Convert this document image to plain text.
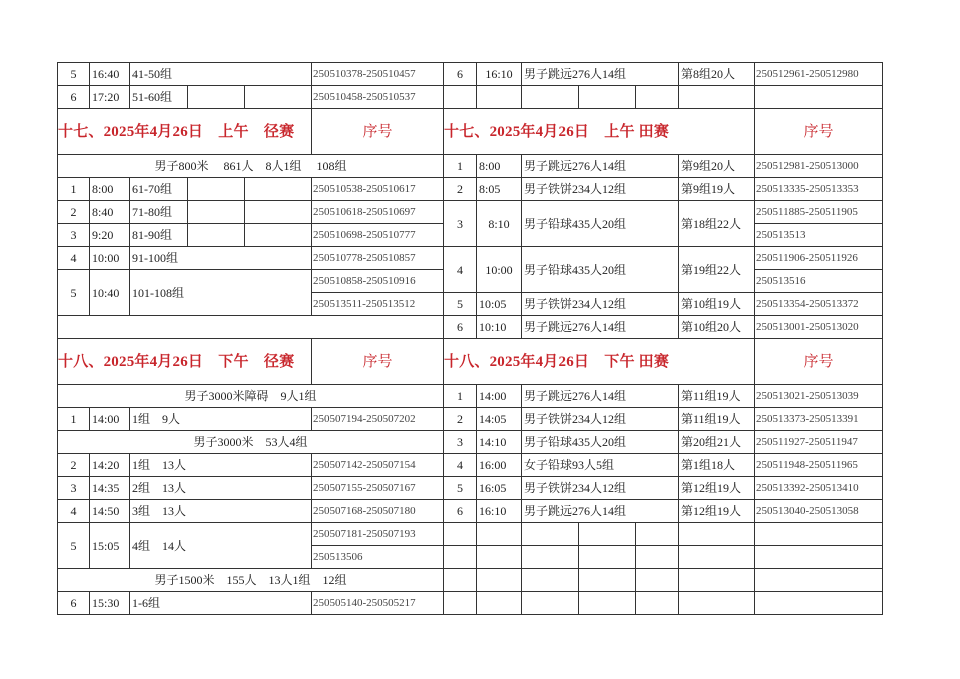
5	16:40	41-50组			250510378-250510457
6	17:20	51-60组			250510458-250510537
十七、2025年4月26日　上午　径赛					序号
男子800米　 861人　8人1组　 108组					
1	8:00	61-70组			250510538-250510617
2	8:40	71-80组			250510618-250510697
3	9:20	81-90组			250510698-250510777
4	10:00	91-100组			250510778-250510857
5	10:40	101-108组			250510858-250510916
					250513511-250513512

十八、2025年4月26日　下午　径赛					序号
男子3000米障碍　9人1组					
1	14:00	1组　9人			250507194-250507202
男子3000米　53人4组					
2	14:20	1组　13人			250507142-250507154
3	14:35	2组　13人			250507155-250507167
4	14:50	3组　13人			250507168-250507180
5	15:05	4组　14人			250507181-250507193
					250513506
男子1500米　155人　13人1组　12组					
6	15:30	1-6组			250505140-250505217
6	16:10	男子跳远276人14组			第8组20人	250512961-250512980

十七、2025年4月26日　上午 田赛						序号
1	8:00	男子跳远276人14组			第9组20人	250512981-250513000
2	8:05	男子铁饼234人12组			第9组19人	250513335-250513353
3	8:10	男子铅球435人20组			第18组22人	250511885-250511905
						250513513
4	10:00	男子铅球435人20组			第19组22人	250511906-250511926
						250513516
5	10:05	男子铁饼234人12组			第10组19人	250513354-250513372
6	10:10	男子跳远276人14组			第10组20人	250513001-250513020
十八、2025年4月26日　下午 田赛						序号
1	14:00	男子跳远276人14组			第11组19人	250513021-250513039
2	14:05	男子铁饼234人12组			第11组19人	250513373-250513391
3	14:10	男子铅球435人20组			第20组21人	250511927-250511947
4	16:00	女子铅球93人5组			第1组18人	250511948-250511965
5	16:05	男子铁饼234人12组			第12组19人	250513392-250513410
6	16:10	男子跳远276人14组			第12组19人	250513040-250513058
